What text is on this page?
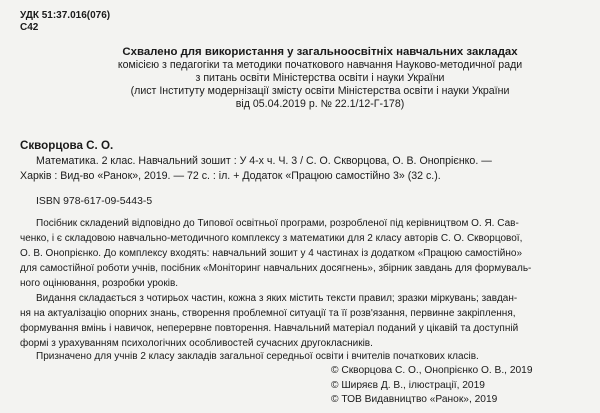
УДК 51:37.016(076)
С42
Схвалено для використання у загальноосвітніх навчальних закладах
комісією з педагогіки та методики початкового навчання Науково-методичної ради
з питань освіти Міністерства освіти і науки України
(лист Інституту модернізації змісту освіти Міністерства освіти і науки України
від 05.04.2019 р. № 22.1/12-Г-178)
Скворцова С. О.
Математика. 2 клас. Навчальний зошит : У 4-х ч. Ч. 3 / С. О. Скворцова, О. В. Онопрієнко. —
Харків : Вид-во «Ранок», 2019. — 72 с. : іл. + Додаток «Працюю самостійно 3» (32 с.).
ISBN 978-617-09-5443-5
Посібник складений відповідно до Типової освітньої програми, розробленої під керівництвом О. Я. Сав-
ченко, і є складовою навчально-методичного комплексу з математики для 2 класу авторів С. О. Скворцової,
О. В. Онопрієнко. До комплексу входять: навчальний зошит у 4 частинах із додатком «Працюю самостійно»
для самостійної роботи учнів, посібник «Моніторинг навчальних досягнень», збірник завдань для формуваль-
ного оцінювання, розробки уроків.
Видання складається з чотирьох частин, кожна з яких містить тексти правил; зразки міркувань; завдан-
ня на актуалізацію опорних знань, створення проблемної ситуації та її розв'язання, первинне закріплення,
формування вмінь і навичок, неперервне повторення. Навчальний матеріал поданий у цікавій та доступній
формі з урахуванням психологічних особливостей сучасних другокласників.
Призначено для учнів 2 класу закладів загальної середньої освіти і вчителів початкових класів.
© Скворцова С. О., Онопрієнко О. В., 2019
© Ширяєв Д. В., ілюстрації, 2019
© ТОВ Видавництво «Ранок», 2019
